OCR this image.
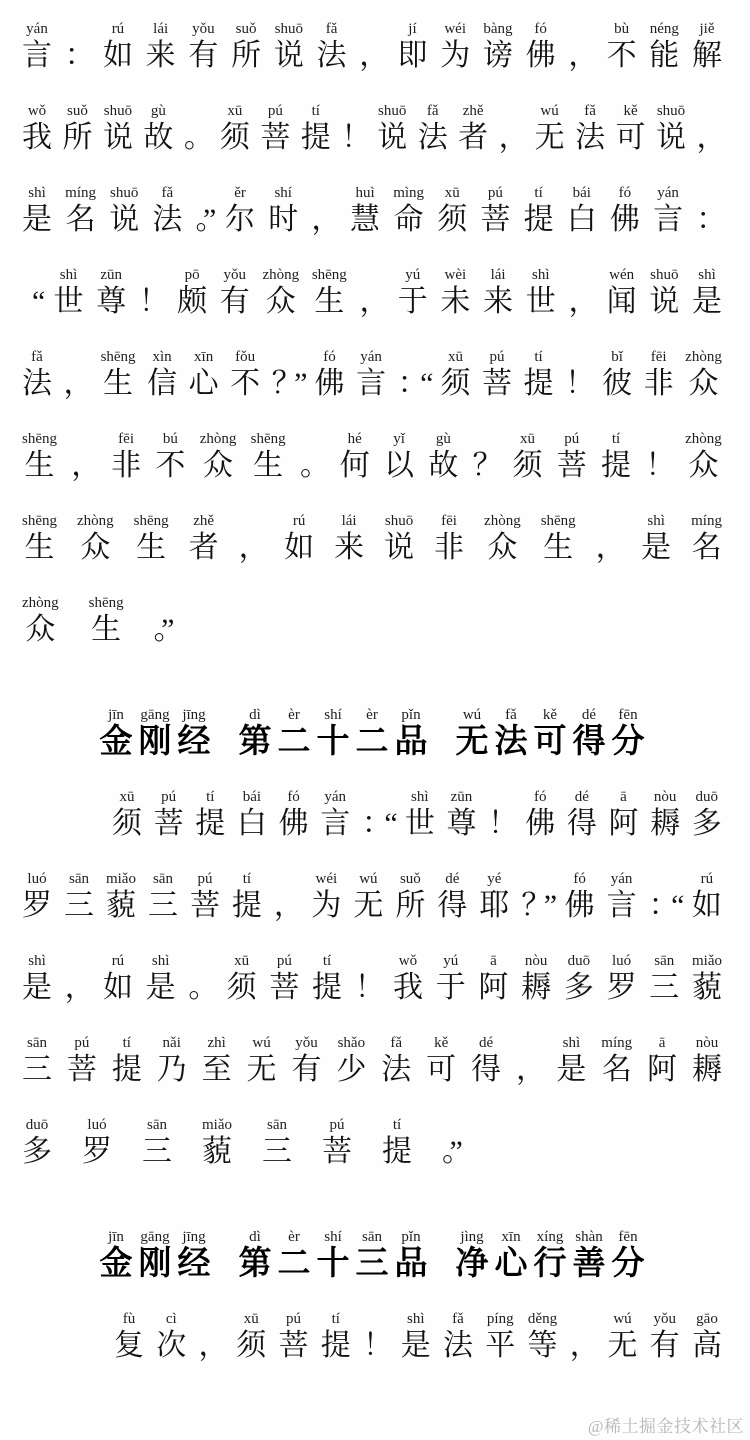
yán
言 ：
rú
如
lái
来
yǒu
有
suǒ
所
shuō
说
fǎ
法 ，
jí
即
wéi
为
bàng
谤
fó
佛 ，
bù
不
néng
能
jiě
解
wǒ
我
suǒ
所
shuō
说
gù
故 。
xū
须
pú
菩
tí
提 ！
shuō
说
fǎ
法
zhě
者 ，
wú
无
fǎ
法
kě
可
shuō
说 ，
shì
是
míng
名
shuō
说
fǎ
法 。”
ěr
尔
shí
时 ，
huì
慧
mìng
命
xū
须
pú
菩
tí
提
bái
白
fó
佛
yán
言 ：
“
shì
世
zūn
尊 ！
pō
颇
yǒu
有
zhòng
众
shēng
生 ，
yú
于
wèi
未
lái
来
shì
世 ，
wén
闻
shuō
说
shì
是
fǎ
法 ，
shēng
生
xìn
信
xīn
心
fǒu
不 ？”
fó
佛
yán
言 ：“
xū
须
pú
菩
tí
提 ！
bǐ
彼
fēi
非
zhòng
众
shēng
生 ，
fēi
非
bú
不
zhòng
众
shēng
生 。
hé
何
yǐ
以
gù
故 ？
xū
须
pú
菩
tí
提 ！
zhòng
众
shēng
生
zhòng
众
shēng
生
zhě
者 ，
rú
如
lái
来
shuō
说
fēi
非
zhòng
众
shēng
生 ，
shì
是
míng
名
zhòng
众
shēng
生 。”
jīn
金
gāng
刚
jīng
经
dì
第
èr
二
shí
十
èr
二
pǐn
品
wú
无
fǎ
法
kě
可
dé
得
fēn
分
xū
须
pú
菩
tí
提
bái
白
fó
佛
yán
言 ：“
shì
世
zūn
尊 ！
fó
佛
dé
得
ā
阿
nòu
耨
duō
多
luó
罗
sān
三
miǎo
藐
sān
三
pú
菩
tí
提 ，
wéi
为
wú
无
suǒ
所
dé
得
yé
耶 ？”
fó
佛
yán
言 ：“
rú
如
shì
是 ，
rú
如
shì
是 。
xū
须
pú
菩
tí
提 ！
wǒ
我
yú
于
ā
阿
nòu
耨
duō
多
luó
罗
sān
三
miǎo
藐
sān
三
pú
菩
tí
提
nǎi
乃
zhì
至
wú
无
yǒu
有
shǎo
少
fǎ
法
kě
可
dé
得 ，
shì
是
míng
名
ā
阿
nòu
耨
duō
多
luó
罗
sān
三
miǎo
藐
sān
三
pú
菩
tí
提 。”
jīn
金
gāng
刚
jīng
经
dì
第
èr
二
shí
十
sān
三
pǐn
品
jìng
净
xīn
心
xíng
行
shàn
善
fēn
分
fù
复
cì
次 ，
xū
须
pú
菩
tí
提 ！
shì
是
fǎ
法
píng
平
děng
等 ，
wú
无
yǒu
有
gāo
高
@稀土掘金技术社区
